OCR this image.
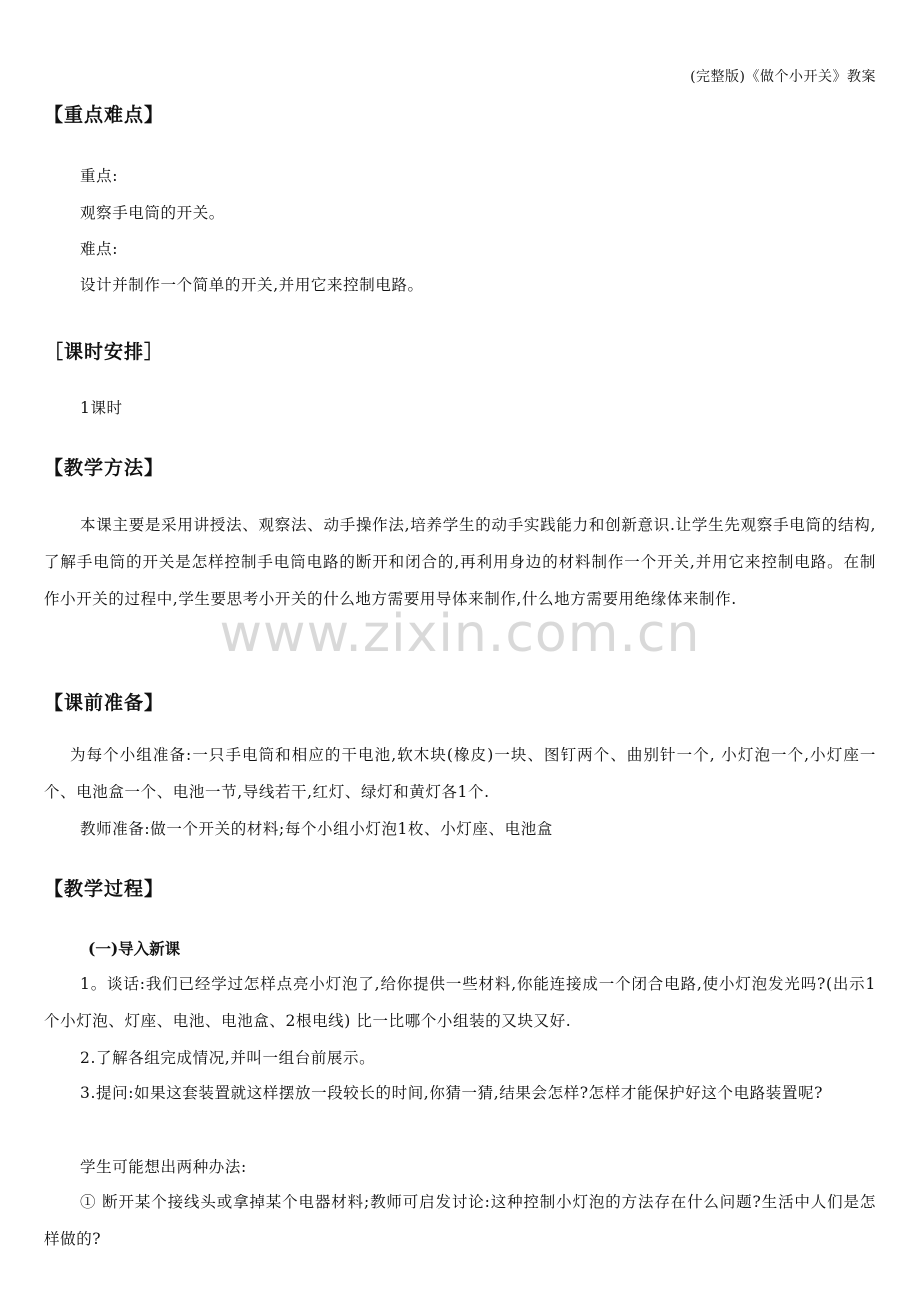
(完整版)《做个小开关》教案
www.zixin.com.cn
【重点难点】
重点:
观察手电筒的开关。
难点:
设计并制作一个简单的开关,并用它来控制电路。
［课时安排］
1课时
【教学方法】
本课主要是采用讲授法、观察法、动手操作法,培养学生的动手实践能力和创新意识.让学生先观察手电筒的结构,了解手电筒的开关是怎样控制手电筒电路的断开和闭合的,再利用身边的材料制作一个开关,并用它来控制电路。在制作小开关的过程中,学生要思考小开关的什么地方需要用导体来制作,什么地方需要用绝缘体来制作.
【课前准备】
为每个小组准备:一只手电筒和相应的干电池,软木块(橡皮)一块、图钉两个、曲别针一个, 小灯泡一个,小灯座一个、电池盒一个、电池一节,导线若干,红灯、绿灯和黄灯各1个.
教师准备:做一个开关的材料;每个小组小灯泡1枚、小灯座、电池盒
【教学过程】
(一)导入新课
1。谈话:我们已经学过怎样点亮小灯泡了,给你提供一些材料,你能连接成一个闭合电路,使小灯泡发光吗?(出示1个小灯泡、灯座、电池、电池盒、2根电线) 比一比哪个小组装的又块又好.
2.了解各组完成情况,并叫一组台前展示。
3.提问:如果这套装置就这样摆放一段较长的时间,你猜一猜,结果会怎样?怎样才能保护好这个电路装置呢?
学生可能想出两种办法:
① 断开某个接线头或拿掉某个电器材料;教师可启发讨论:这种控制小灯泡的方法存在什么问题?生活中人们是怎样做的?
